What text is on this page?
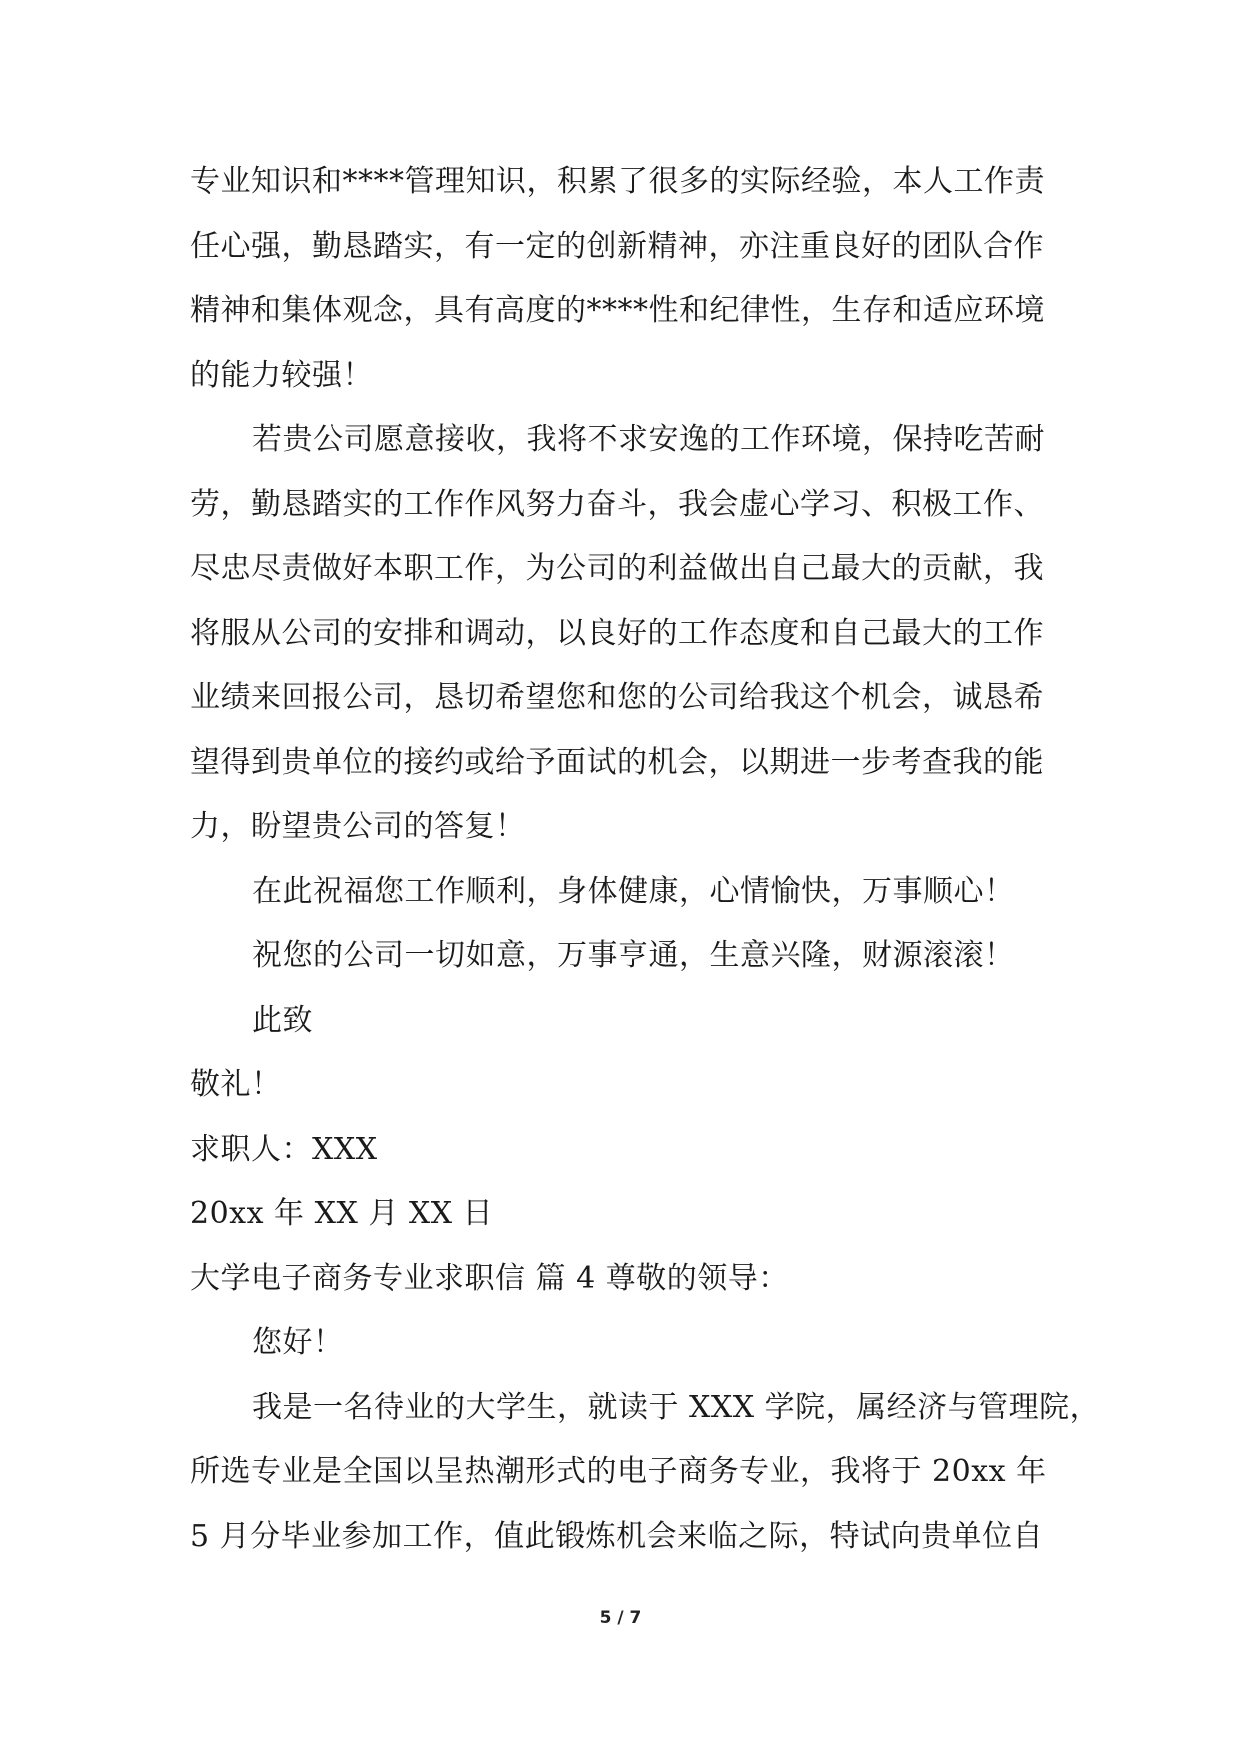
专业知识和****管理知识，积累了很多的实际经验，本人工作责
任心强，勤恳踏实，有一定的创新精神，亦注重良好的团队合作
精神和集体观念，具有高度的****性和纪律性，生存和适应环境
的能力较强！
若贵公司愿意接收，我将不求安逸的工作环境，保持吃苦耐
劳，勤恳踏实的工作作风努力奋斗，我会虚心学习、积极工作、
尽忠尽责做好本职工作，为公司的利益做出自己最大的贡献，我
将服从公司的安排和调动，以良好的工作态度和自己最大的工作
业绩来回报公司，恳切希望您和您的公司给我这个机会，诚恳希
望得到贵单位的接约或给予面试的机会，以期进一步考查我的能
力，盼望贵公司的答复！
在此祝福您工作顺利，身体健康，心情愉快，万事顺心！
祝您的公司一切如意，万事亨通，生意兴隆，财源滚滚！
此致
敬礼！
求职人：XXX
20xx 年 XX 月 XX 日
大学电子商务专业求职信 篇 4 尊敬的领导：
您好！
我是一名待业的大学生，就读于 XXX 学院，属经济与管理院，
所选专业是全国以呈热潮形式的电子商务专业，我将于 20xx 年
5 月分毕业参加工作，值此锻炼机会来临之际，特试向贵单位自
5 / 7
